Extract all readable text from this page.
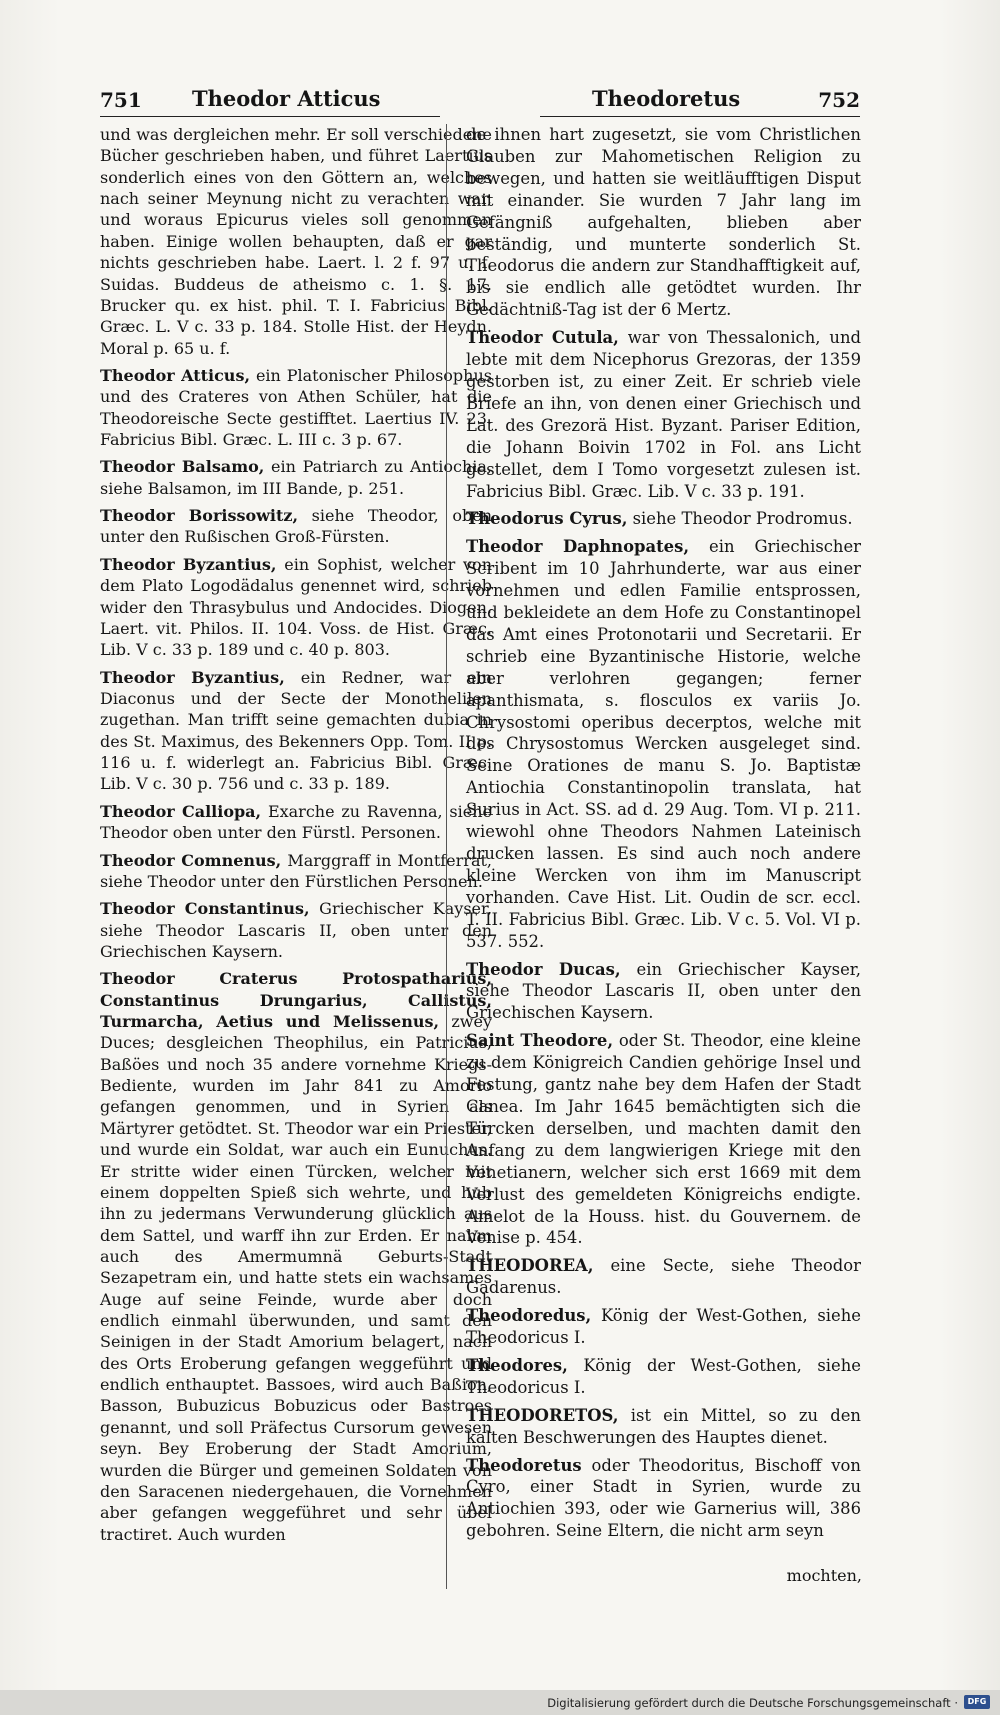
751 Theodor Atticus	Theodoretus	752

und was dergleichen mehr. Er soll verschiedene Bücher geschrieben haben, und führet Laertius sonderlich eines von den Göttern an, welches nach seiner Meynung nicht zu verachten war, und woraus Epicurus vieles soll genommen haben. Einige wollen behaupten, daß er gar nichts geschrieben habe. Laert. l. 2 f. 97 u. f. Suidas. Buddeus de atheismo c. 1. §. 17. Brucker qu. ex hist. phil. T. I. Fabricius Bibl. Græc. L. V c. 33 p. 184. Stolle Hist. der Heydn. Moral p. 65 u. f.

Theodor Atticus, ein Platonischer Philosophus und des Crateres von Athen Schüler, hat die Theodoreische Secte gestifftet. Laertius IV. 23. Fabricius Bibl. Græc. L. III c. 3 p. 67.

Theodor Balsamo, ein Patriarch zu Antiochia, siehe Balsamon, im III Bande, p. 251.

Theodor Borissowitz, siehe Theodor, oben unter den Rußischen Groß-Fürsten.

Theodor Byzantius, ein Sophist, welcher von dem Plato Logodädalus genennet wird, schrieb wider den Thrasybulus und Andocides. Diogen. Laert. vit. Philos. II. 104. Voss. de Hist. Græc. Lib. V c. 33 p. 189 und c. 40 p. 803.

Theodor Byzantius, ein Redner, war ein Diaconus und der Secte der Monothelilen zugethan. Man trifft seine gemachten dubia in des St. Maximus, des Bekenners Opp. Tom. II p. 116 u. f. widerlegt an. Fabricius Bibl. Græc. Lib. V c. 30 p. 756 und c. 33 p. 189.

Theodor Calliopa, Exarche zu Ravenna, siehe Theodor oben unter den Fürstl. Personen.

Theodor Comnenus, Marggraff in Montferrat, siehe Theodor unter den Fürstlichen Personen.

Theodor Constantinus, Griechischer Kayser, siehe Theodor Lascaris II, oben unter den Griechischen Kaysern.

Theodor Craterus Protospatharius, Constantinus Drungarius, Callistus, Turmarcha, Aetius und Melissenus, zwey Duces; desgleichen Theophilus, ein Patricius, Baßöes und noch 35 andere vornehme Kriegs-Bediente, wurden im Jahr 841 zu Amorio gefangen genommen, und in Syrien als Märtyrer getödtet. St. Theodor war ein Priester, und wurde ein Soldat, war auch ein Eunuchus. Er stritte wider einen Türcken, welcher mit einem doppelten Spieß sich wehrte, und hub ihn zu jedermans Verwunderung glücklich aus dem Sattel, und warff ihn zur Erden. Er nahm auch des Amermumnä Geburts-Stadt Sezapetram ein, und hatte stets ein wachsames Auge auf seine Feinde, wurde aber doch endlich einmahl überwunden, und samt den Seinigen in der Stadt Amorium belagert, nach des Orts Eroberung gefangen weggeführt und endlich enthauptet. Bassoes, wird auch Baßion, Basson, Bubuzicus Bobuzicus oder Bastroes genannt, und soll Präfectus Cursorum gewesen seyn. Bey Eroberung der Stadt Amorium, wurden die Bürger und gemeinen Soldaten von den Saracenen niedergehauen, die Vornehmen aber gefangen weggeführet und sehr übel tractiret. Auch wurden

de ihnen hart zugesetzt, sie vom Christlichen Glauben zur Mahometischen Religion zu bewegen, und hatten sie weitläufftigen Disput mit einander. Sie wurden 7 Jahr lang im Gefängniß aufgehalten, blieben aber beständig, und munterte sonderlich St. Theodorus die andern zur Standhafftigkeit auf, bis sie endlich alle getödtet wurden. Ihr Gedächtniß-Tag ist der 6 Mertz.

Theodor Cutula, war von Thessalonich, und lebte mit dem Nicephorus Grezoras, der 1359 gestorben ist, zu einer Zeit. Er schrieb viele Briefe an ihn, von denen einer Griechisch und Lat. des Grezorä Hist. Byzant. Pariser Edition, die Johann Boivin 1702 in Fol. ans Licht gestellet, dem I Tomo vorgesetzt zulesen ist. Fabricius Bibl. Græc. Lib. V c. 33 p. 191.

Theodorus Cyrus, siehe Theodor Prodromus.

Theodor Daphnopates, ein Griechischer Scribent im 10 Jahrhunderte, war aus einer vornehmen und edlen Familie entsprossen, und bekleidete an dem Hofe zu Constantinopel das Amt eines Protonotarii und Secretarii. Er schrieb eine Byzantinische Historie, welche aber verlohren gegangen; ferner apanthismata, s. flosculos ex variis Jo. Chrysostomi operibus decerptos, welche mit des Chrysostomus Wercken ausgeleget sind. Seine Orationes de manu S. Jo. Baptistæ Antiochia Constantinopolin translata, hat Surius in Act. SS. ad d. 29 Aug. Tom. VI p. 211. wiewohl ohne Theodors Nahmen Lateinisch drucken lassen. Es sind auch noch andere kleine Wercken von ihm im Manuscript vorhanden. Cave Hist. Lit. Oudin de scr. eccl. T. II. Fabricius Bibl. Græc. Lib. V c. 5. Vol. VI p. 537. 552.

Theodor Ducas, ein Griechischer Kayser, siehe Theodor Lascaris II, oben unter den Griechischen Kaysern.

Saint Theodore, oder St. Theodor, eine kleine zu dem Königreich Candien gehörige Insel und Festung, gantz nahe bey dem Hafen der Stadt Canea. Im Jahr 1645 bemächtigten sich die Türcken derselben, und machten damit den Anfang zu dem langwierigen Kriege mit den Venetianern, welcher sich erst 1669 mit dem Verlust des gemeldeten Königreichs endigte. Amelot de la Houss. hist. du Gouvernem. de Venise p. 454.

THEODOREA, eine Secte, siehe Theodor Gadarenus.

Theodoredus, König der West-Gothen, siehe Theodoricus I.

Theodores, König der West-Gothen, siehe Theodoricus I.

THEODORETOS, ist ein Mittel, so zu den kalten Beschwerungen des Hauptes dienet.

Theodoretus oder Theodoritus, Bischoff von Cyro, einer Stadt in Syrien, wurde zu Antiochien 393, oder wie Garnerius will, 386 gebohren. Seine Eltern, die nicht arm seyn

mochten,
Digitalisierung gefördert durch die Deutsche Forschungsgemeinschaft ·	DFG
